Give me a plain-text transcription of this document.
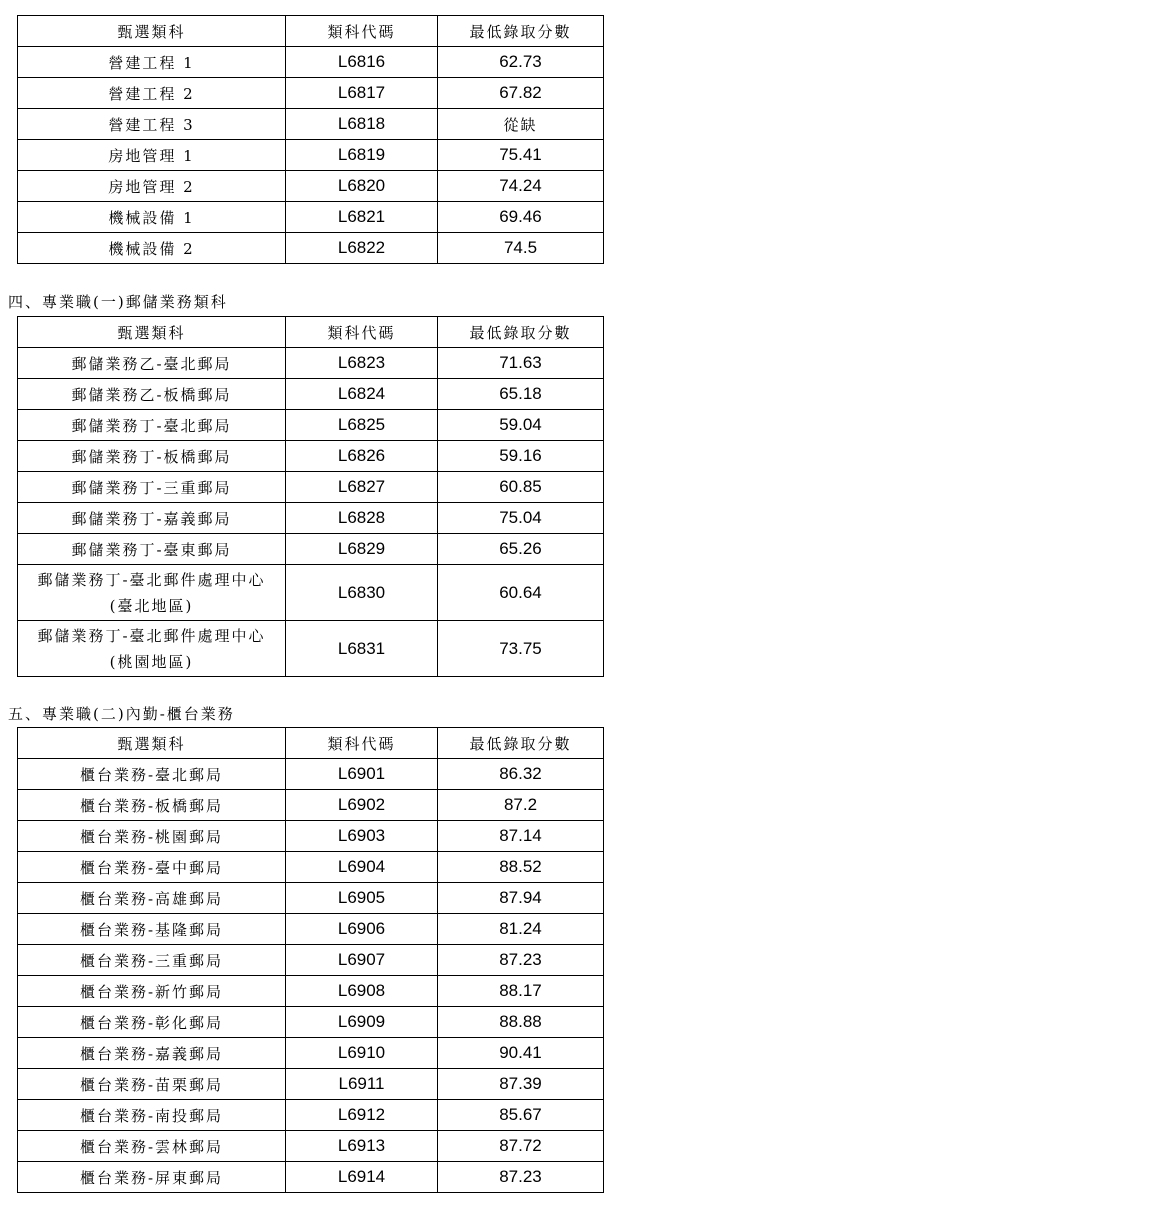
甄選類科	類科代碼	最低錄取分數
營建工程 1	L6816	62.73
營建工程 2	L6817	67.82
營建工程 3	L6818	從缺
房地管理 1	L6819	75.41
房地管理 2	L6820	74.24
機械設備 1	L6821	69.46
機械設備 2	L6822	74.5
四、專業職(一)郵儲業務類科
甄選類科	類科代碼	最低錄取分數
郵儲業務乙-臺北郵局	L6823	71.63
郵儲業務乙-板橋郵局	L6824	65.18
郵儲業務丁-臺北郵局	L6825	59.04
郵儲業務丁-板橋郵局	L6826	59.16
郵儲業務丁-三重郵局	L6827	60.85
郵儲業務丁-嘉義郵局	L6828	75.04
郵儲業務丁-臺東郵局	L6829	65.26

郵儲業務丁-臺北郵件處理中心
(臺北地區)	L6830	60.64

郵儲業務丁-臺北郵件處理中心
(桃園地區)	L6831	73.75
五、專業職(二)內勤-櫃台業務
甄選類科	類科代碼	最低錄取分數
櫃台業務-臺北郵局	L6901	86.32
櫃台業務-板橋郵局	L6902	87.2
櫃台業務-桃園郵局	L6903	87.14
櫃台業務-臺中郵局	L6904	88.52
櫃台業務-高雄郵局	L6905	87.94
櫃台業務-基隆郵局	L6906	81.24
櫃台業務-三重郵局	L6907	87.23
櫃台業務-新竹郵局	L6908	88.17
櫃台業務-彰化郵局	L6909	88.88
櫃台業務-嘉義郵局	L6910	90.41
櫃台業務-苗栗郵局	L6911	87.39
櫃台業務-南投郵局	L6912	85.67
櫃台業務-雲林郵局	L6913	87.72
櫃台業務-屏東郵局	L6914	87.23
